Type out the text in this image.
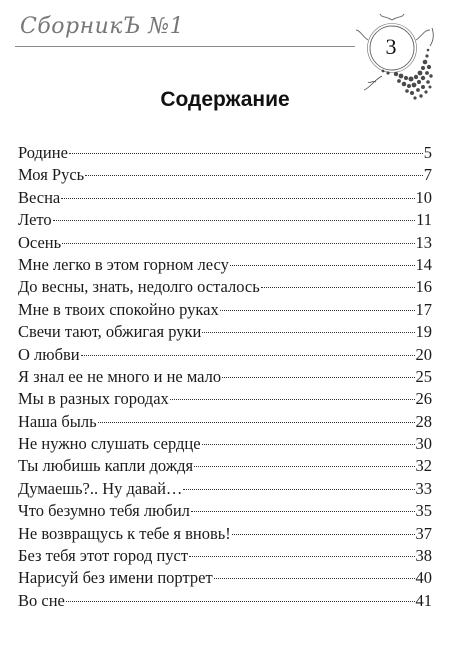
СборникЪ №1
3
Содержание
Родине	5
Моя Русь	7
Весна	10
Лето	11
Осень	13
Мне легко в этом горном лесу	14
До весны, знать, недолго осталось	16
Мне в твоих спокойно руках	17
Свечи тают, обжигая руки	19
О любви	20
Я знал ее не много и не мало	25
Мы в разных городах	26
Наша быль	28
Не нужно слушать сердце	30
Ты любишь капли дождя	32
Думаешь?.. Ну давай…	33
Что безумно тебя любил	35
Не возвращусь к тебе я вновь!	37
Без тебя этот город пуст	38
Нарисуй без имени портрет	40
Во сне	41
